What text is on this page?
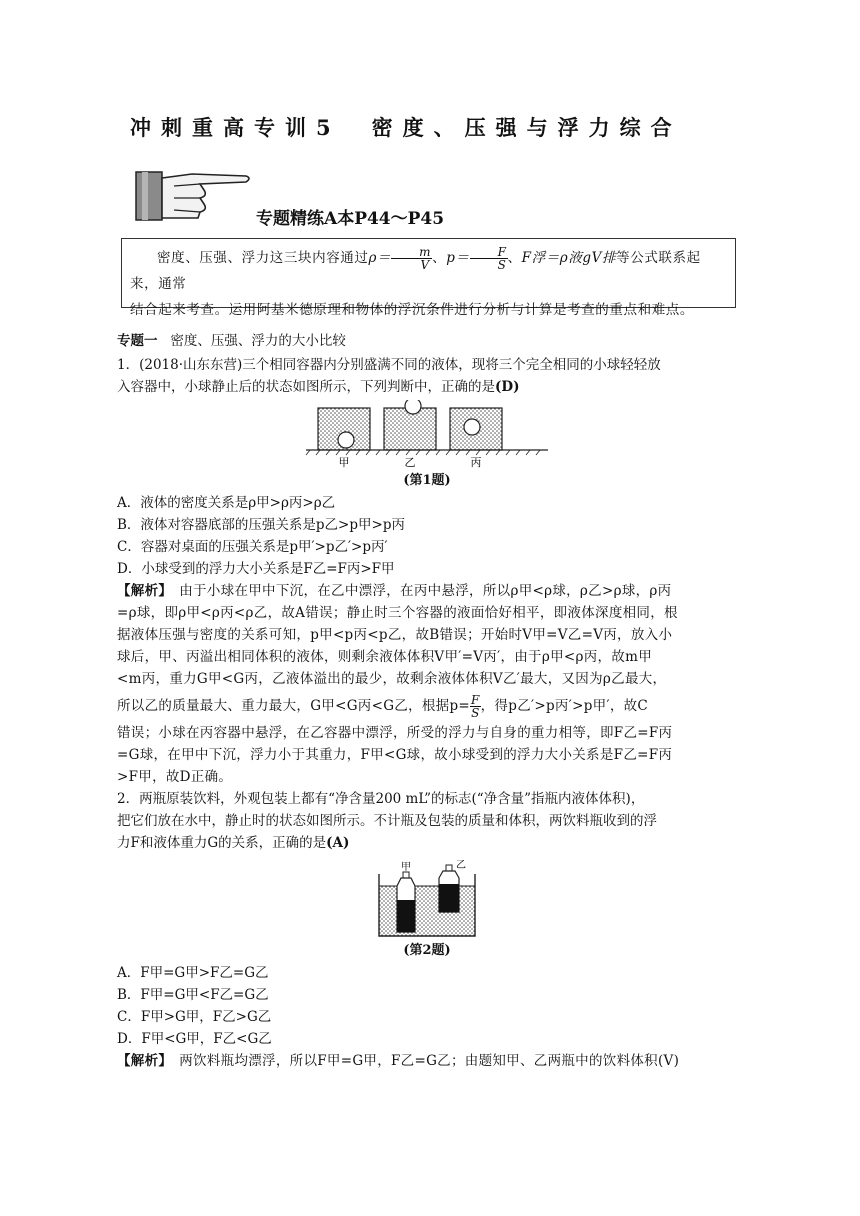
冲刺重高专训5　密度、压强与浮力综合
专题精练A本P44～P45
密度、压强、浮力这三块内容通过$\rho= \frac{m}{V}$ 、$p= \frac{F}{S}$ 、F浮＝ρ液gV排等公式联系起来，通常
结合起来考查。运用阿基米德原理和物体的浮沉条件进行分析与计算是考查的重点和难点。

专题一 密度、压强、浮力的大小比较

1．(2018·山东东营)三个相同容器内分别盛满不同的液体，现将三个完全相同的小球轻轻放

入容器中，小球静止后的状态如图所示，下列判断中，正确的是(D)

甲	乙	丙

(第1题)

A．液体的密度关系是ρ甲>ρ丙>ρ乙

B．液体对容器底部的压强关系是p乙>p甲>p丙

C．容器对桌面的压强关系是p甲′>p乙′>p丙′

D．小球受到的浮力大小关系是F乙=F丙>F甲

【解析】　由于小球在甲中下沉，在乙中漂浮，在丙中悬浮，所以ρ甲<ρ球，ρ乙>ρ球，ρ丙

=ρ球，即ρ甲<ρ丙<ρ乙，故A错误；静止时三个容器的液面恰好相平，即液体深度相同，根

据液体压强与密度的关系可知，p甲<p丙<p乙，故B错误；开始时V甲=V乙=V丙，放入小

球后，甲、丙溢出相同体积的液体，则剩余液体体积V甲′=V丙′，由于ρ甲<ρ丙，故m甲

<m丙，重力G甲<G丙，乙液体溢出的最少，故剩余液体体积V乙′最大，又因为ρ乙最大，

所以乙的质量最大、重力最大，G甲<G丙<G乙，根据$p= \frac{F}{S}$ ，得p乙′>p丙′>p甲′，故C

错误；小球在丙容器中悬浮，在乙容器中漂浮，所受的浮力与自身的重力相等，即F乙=F丙

=G球，在甲中下沉，浮力小于其重力，F甲<G球，故小球受到的浮力大小关系是F乙=F丙

>F甲，故D正确。

2．两瓶原装饮料，外观包装上都有“净含量200 mL”的标志(“净含量”指瓶内液体体积)，

把它们放在水中，静止时的状态如图所示。不计瓶及包装的质量和体积，两饮料瓶收到的浮

力F和液体重力G的关系，正确的是(A)

甲	乙

(第2题)

A．F甲=G甲>F乙=G乙

B．F甲=G甲<F乙=G乙

C．F甲>G甲，F乙>G乙

D．F甲<G甲，F乙<G乙

【解析】　两饮料瓶均漂浮，所以F甲=G甲，F乙=G乙；由题知甲、乙两瓶中的饮料体积(V)
